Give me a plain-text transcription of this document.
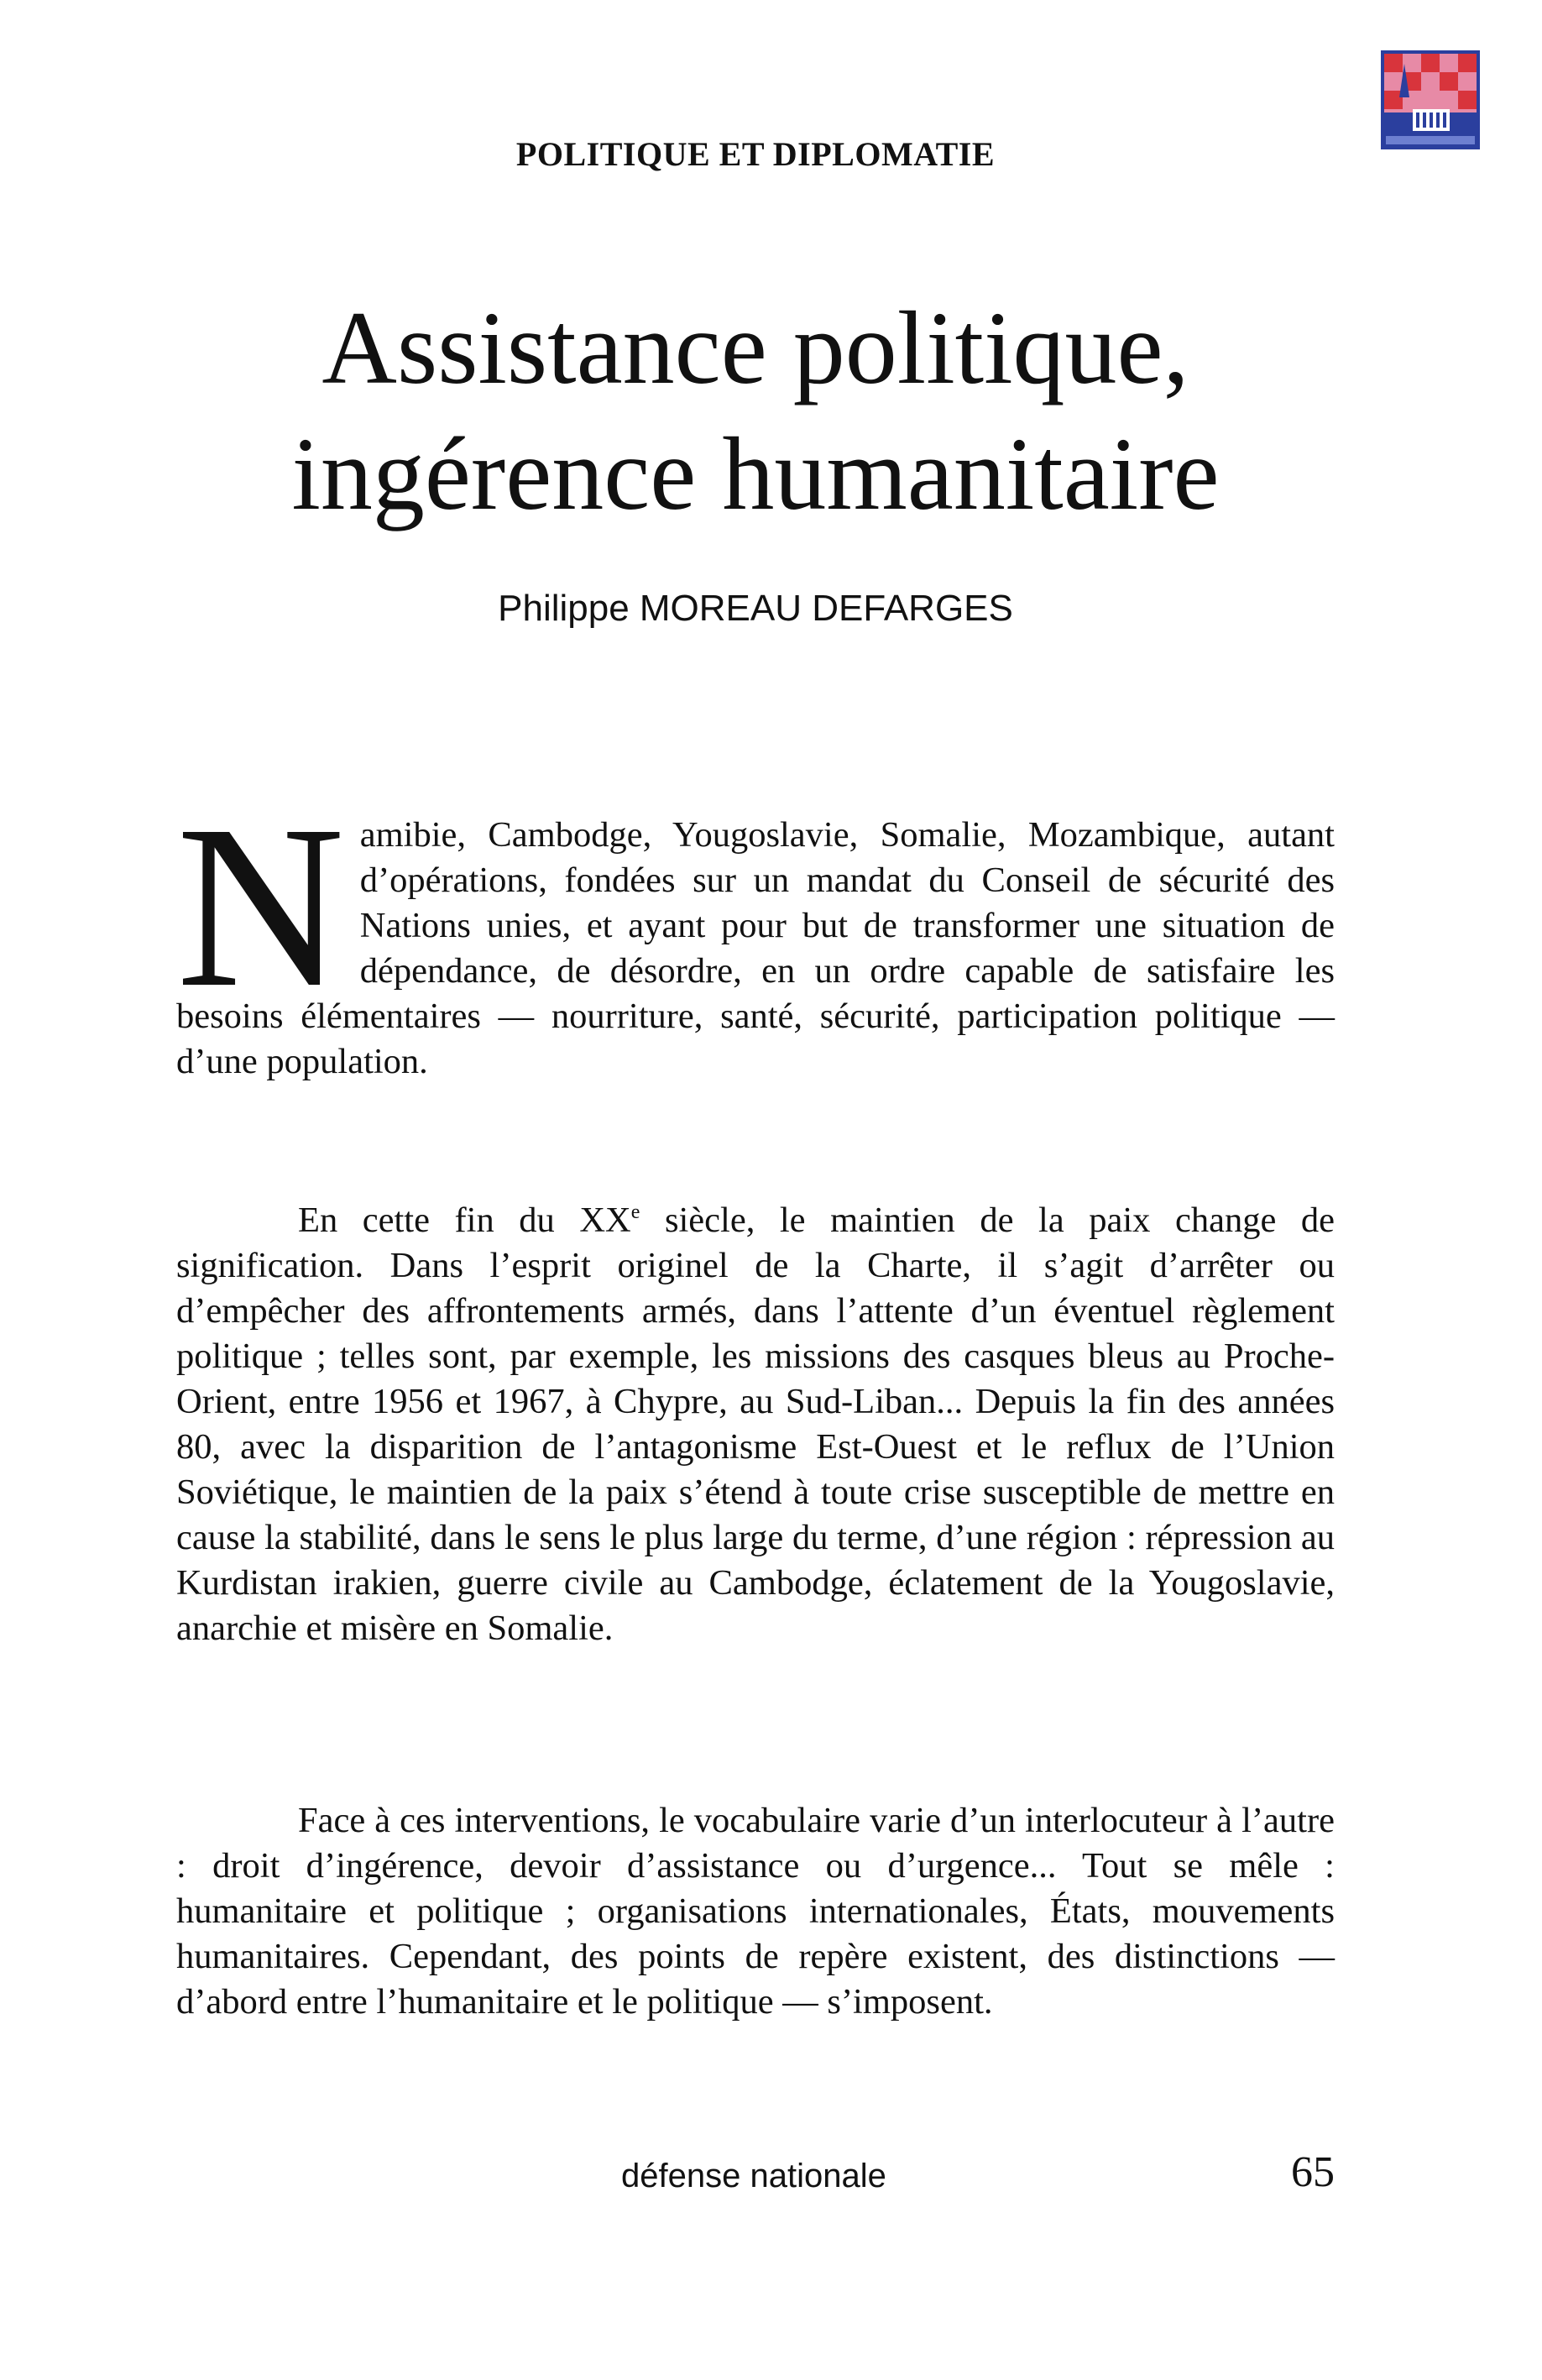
POLITIQUE ET DIPLOMATIE
Assistance politique,
ingérence humanitaire
Philippe MOREAU DEFARGES
Namibie, Cambodge, Yougoslavie, Somalie, Mozambique, autant d’opérations, fondées sur un mandat du Conseil de sécurité des Nations unies, et ayant pour but de transformer une situation de dépendance, de désordre, en un ordre capable de satisfaire les besoins élémentaires — nourriture, santé, sécurité, participation politique — d’une population.
En cette fin du XXe siècle, le maintien de la paix change de signification. Dans l’esprit originel de la Charte, il s’agit d’arrêter ou d’empêcher des affrontements armés, dans l’attente d’un éventuel règlement politique ; telles sont, par exemple, les missions des casques bleus au Proche-Orient, entre 1956 et 1967, à Chypre, au Sud-Liban... Depuis la fin des années 80, avec la disparition de l’antagonisme Est-Ouest et le reflux de l’Union Soviétique, le maintien de la paix s’étend à toute crise susceptible de mettre en cause la stabilité, dans le sens le plus large du terme, d’une région : répression au Kurdistan irakien, guerre civile au Cambodge, éclatement de la Yougoslavie, anarchie et misère en Somalie.
Face à ces interventions, le vocabulaire varie d’un interlocuteur à l’autre : droit d’ingérence, devoir d’assistance ou d’urgence... Tout se mêle : humanitaire et politique ; organisations internationales, États, mouvements humanitaires. Cependant, des points de repère existent, des distinctions — d’abord entre l’humanitaire et le politique — s’imposent.
défense nationale	65
